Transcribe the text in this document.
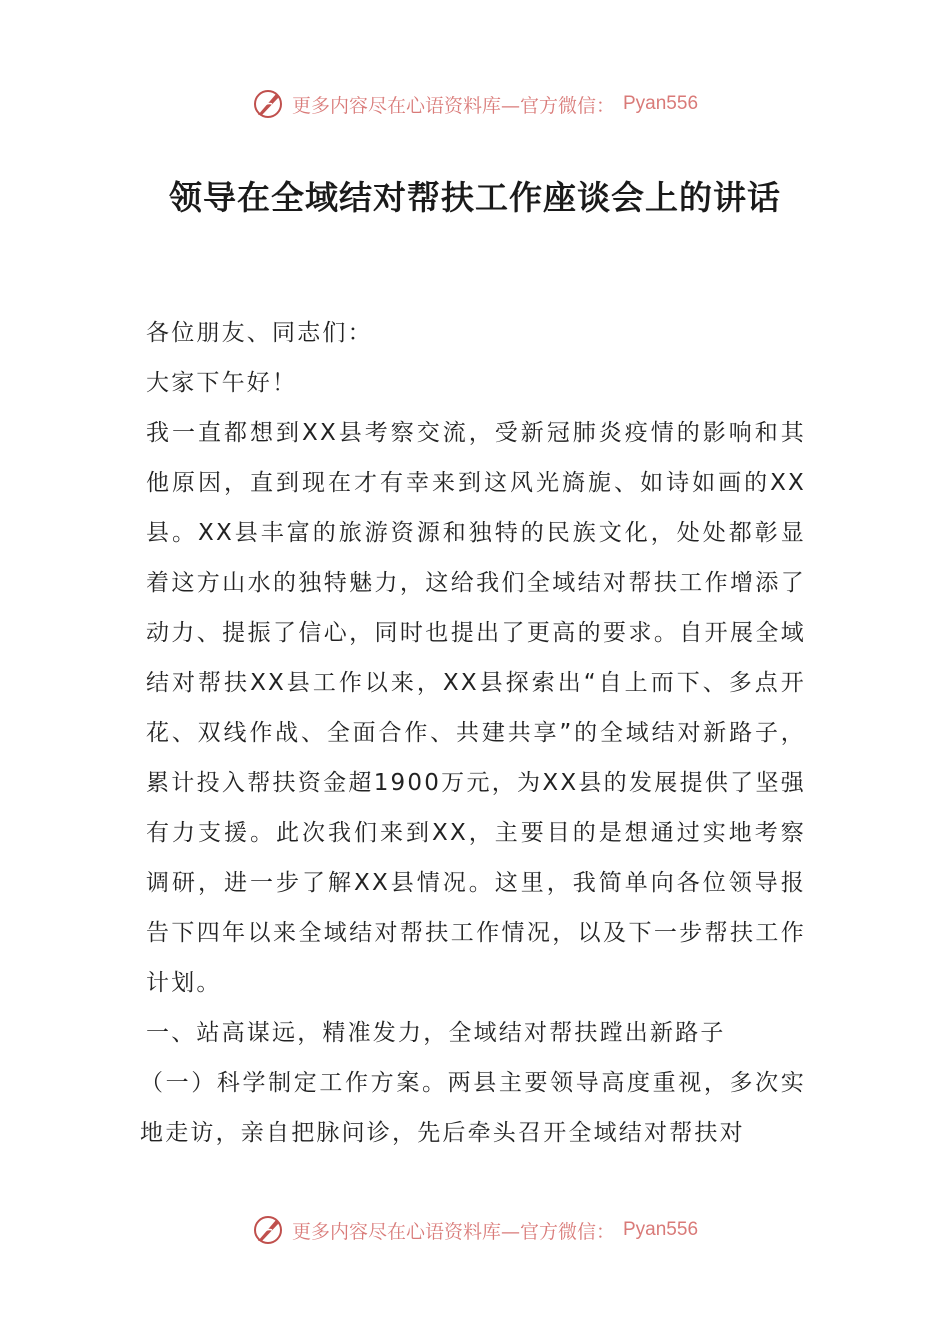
更多内容尽在心语资料库—官方微信： Pyan556
领导在全域结对帮扶工作座谈会上的讲话

各位朋友、同志们：

大家下午好！

我一直都想到XX县考察交流，受新冠肺炎疫情的影响和其他原因，直到现在才有幸来到这风光旖旎、如诗如画的XX县。XX县丰富的旅游资源和独特的民族文化，处处都彰显着这方山水的独特魅力，这给我们全域结对帮扶工作增添了动力、提振了信心，同时也提出了更高的要求。自开展全域结对帮扶XX县工作以来，XX县探索出“自上而下、多点开花、双线作战、全面合作、共建共享”的全域结对新路子，累计投入帮扶资金超1900万元，为XX县的发展提供了坚强有力支援。此次我们来到XX，主要目的是想通过实地考察调研，进一步了解XX县情况。这里，我简单向各位领导报告下四年以来全域结对帮扶工作情况，以及下一步帮扶工作计划。

一、站高谋远，精准发力，全域结对帮扶蹚出新路子

（一）科学制定工作方案。两县主要领导高度重视，多次实地走访，亲自把脉问诊，先后牵头召开全域结对帮扶对

更多内容尽在心语资料库—官方微信： Pyan556
